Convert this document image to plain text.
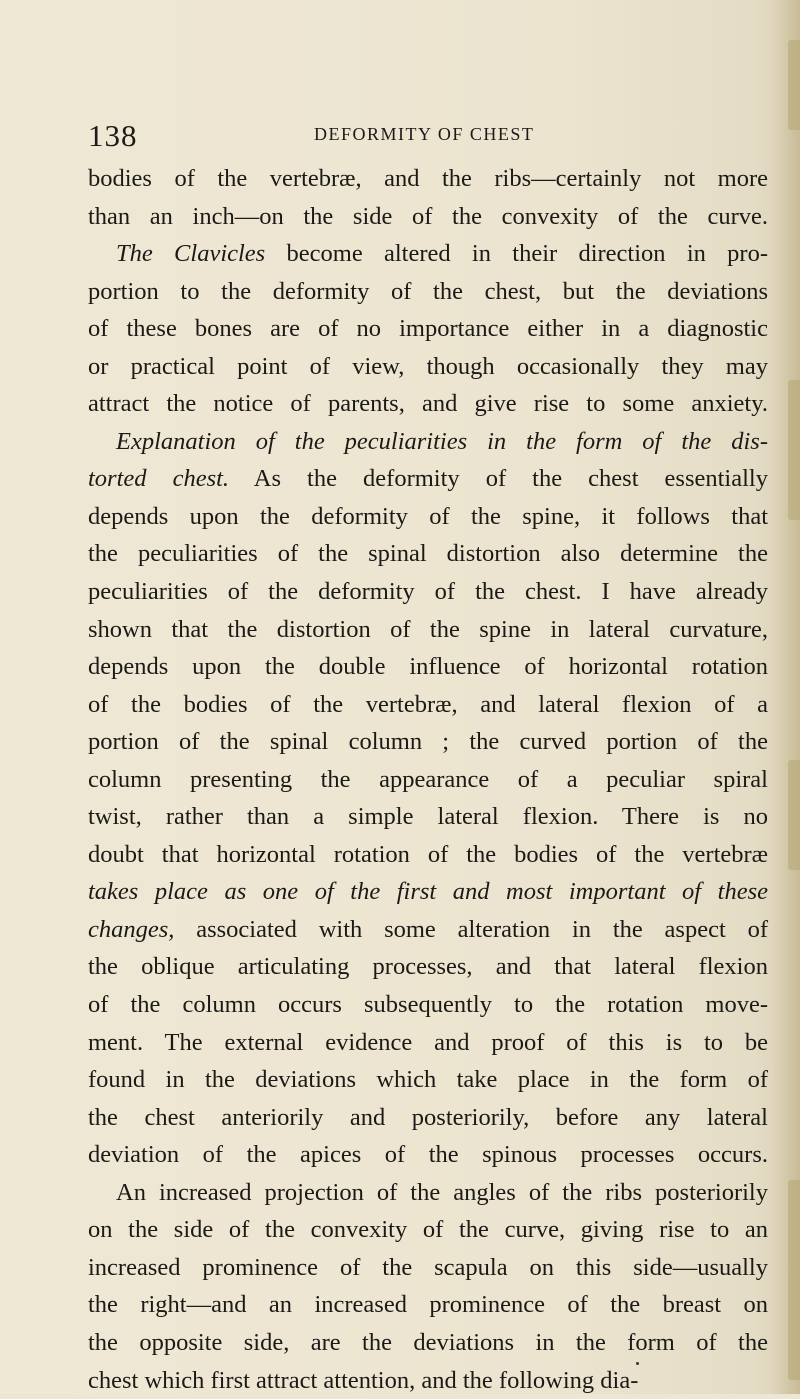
138	DEFORMITY OF CHEST
bodies of the vertebræ, and the ribs—certainly not more
than an inch—on the side of the convexity of the curve.
The Clavicles become altered in their direction in pro-
portion to the deformity of the chest, but the deviations
of these bones are of no importance either in a diagnostic
or practical point of view, though occasionally they may
attract the notice of parents, and give rise to some anxiety.
Explanation of the peculiarities in the form of the dis-
torted chest. As the deformity of the chest essentially
depends upon the deformity of the spine, it follows that
the peculiarities of the spinal distortion also determine the
peculiarities of the deformity of the chest. I have already
shown that the distortion of the spine in lateral curvature,
depends upon the double influence of horizontal rotation
of the bodies of the vertebræ, and lateral flexion of a
portion of the spinal column ; the curved portion of the
column presenting the appearance of a peculiar spiral
twist, rather than a simple lateral flexion. There is no
doubt that horizontal rotation of the bodies of the vertebræ
takes place as one of the first and most important of these
changes, associated with some alteration in the aspect of
the oblique articulating processes, and that lateral flexion
of the column occurs subsequently to the rotation move-
ment. The external evidence and proof of this is to be
found in the deviations which take place in the form of
the chest anteriorily and posteriorily, before any lateral
deviation of the apices of the spinous processes occurs.
An increased projection of the angles of the ribs posteriorily
on the side of the convexity of the curve, giving rise to an
increased prominence of the scapula on this side—usually
the right—and an increased prominence of the breast on
the opposite side, are the deviations in the form of the
chest which first attract attention, and the following dia-
